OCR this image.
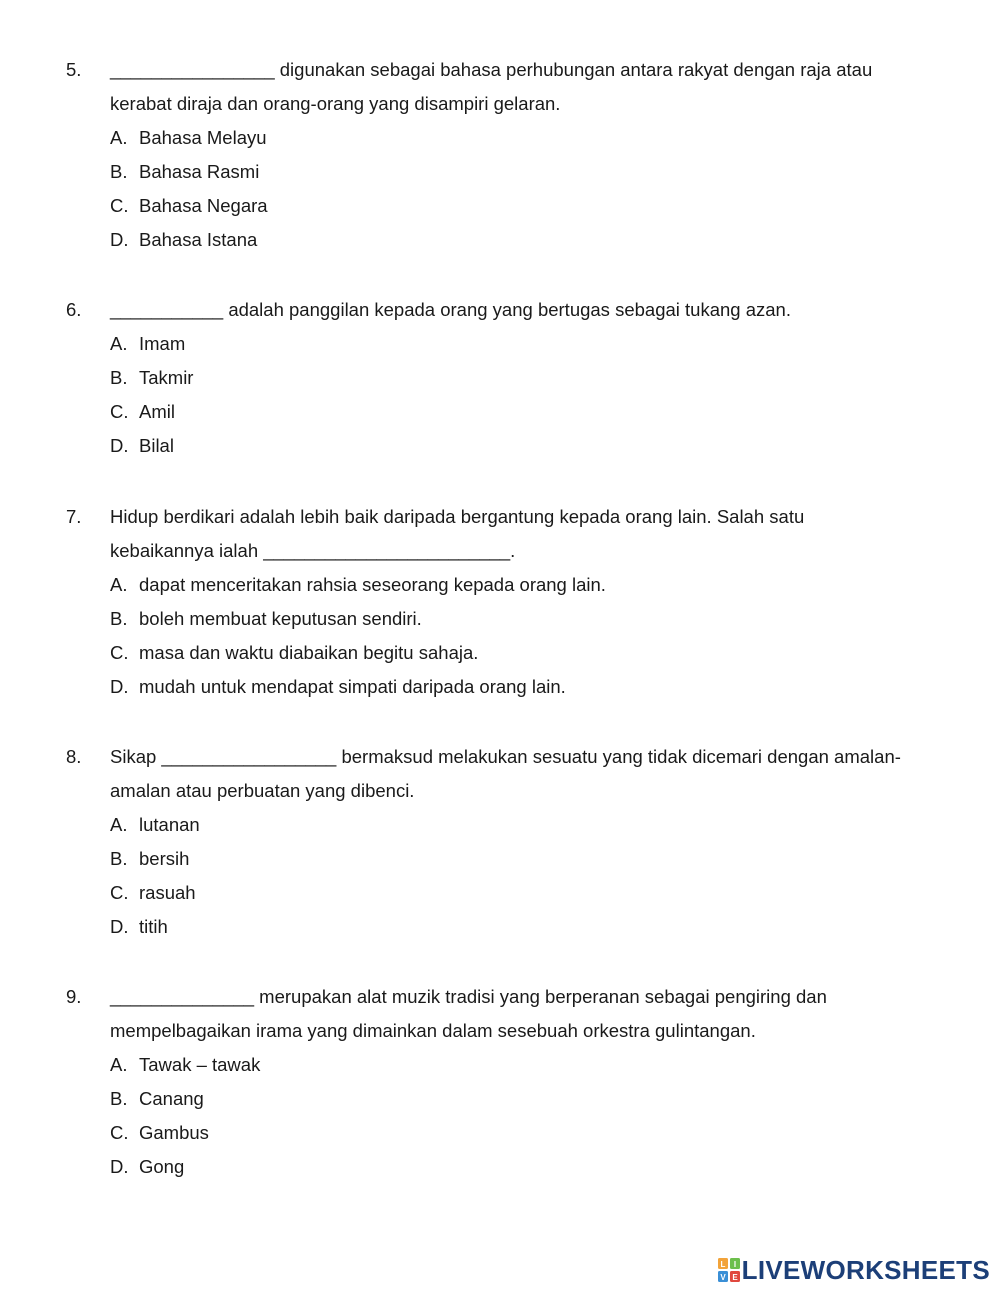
5. ________________ digunakan sebagai bahasa perhubungan antara rakyat dengan raja atau
kerabat diraja dan orang-orang yang disampiri gelaran.
A. Bahasa Melayu
B. Bahasa Rasmi
C. Bahasa Negara
D. Bahasa Istana
6. ___________ adalah panggilan kepada orang yang bertugas sebagai tukang azan.
A. Imam
B. Takmir
C. Amil
D. Bilal
7. Hidup berdikari adalah lebih baik daripada bergantung kepada orang lain. Salah satu
kebaikannya ialah ________________________.
A. dapat menceritakan rahsia seseorang kepada orang lain.
B. boleh membuat keputusan sendiri.
C. masa dan waktu diabaikan begitu sahaja.
D. mudah untuk mendapat simpati daripada orang lain.
8. Sikap _________________ bermaksud melakukan sesuatu yang tidak dicemari dengan amalan-
amalan atau perbuatan yang dibenci.
A. lutanan
B. bersih
C. rasuah
D. titih
9. ______________ merupakan alat muzik tradisi yang berperanan sebagai pengiring dan
mempelbagaikan irama yang dimainkan dalam sesebuah orkestra gulintangan.
A. Tawak – tawak
B. Canang
C. Gambus
D. Gong
L I
V E LIVEWORKSHEETS
